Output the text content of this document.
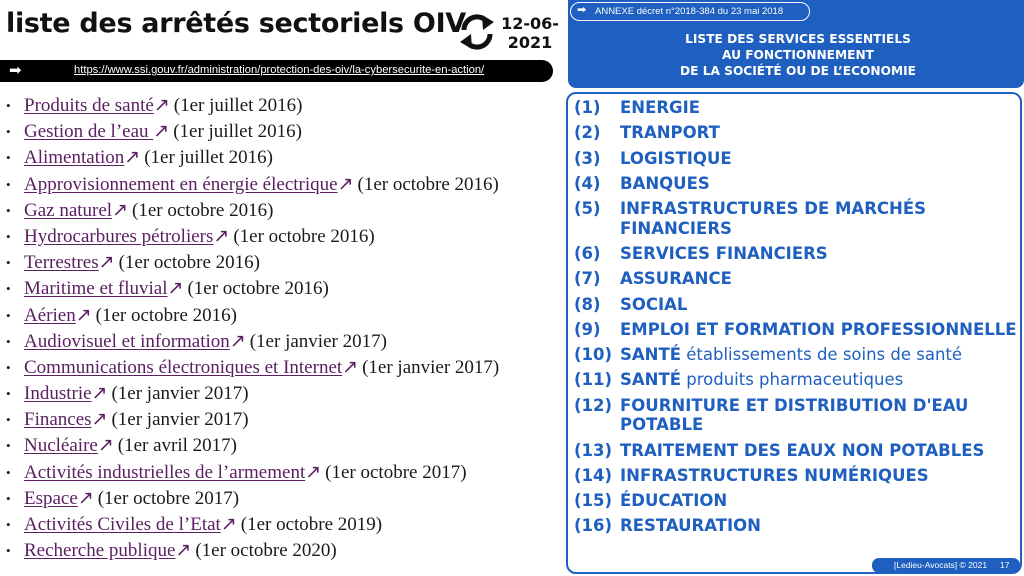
liste des arrêtés sectoriels OIV 12-06-
2021
➡	https://www.ssi.gouv.fr/administration/protection-des-oiv/la-cybersecurite-en-action/
• Produits de santé↗ (1er juillet 2016)
• Gestion de l’eau ↗ (1er juillet 2016)
• Alimentation↗ (1er juillet 2016)
• Approvisionnement en énergie électrique↗ (1er octobre 2016)
• Gaz naturel↗ (1er octobre 2016)
• Hydrocarbures pétroliers↗ (1er octobre 2016)
• Terrestres↗ (1er octobre 2016)
• Maritime et fluvial↗ (1er octobre 2016)
• Aérien↗ (1er octobre 2016)
• Audiovisuel et information↗ (1er janvier 2017)
• Communications électroniques et Internet↗ (1er janvier 2017)
• Industrie↗ (1er janvier 2017)
• Finances↗ (1er janvier 2017)
• Nucléaire↗ (1er avril 2017)
• Activités industrielles de l’armement↗ (1er octobre 2017)
• Espace↗ (1er octobre 2017)
• Activités Civiles de l’Etat↗ (1er octobre 2019)
• Recherche publique↗ (1er octobre 2020)
➡ ANNEXE décret n°2018-384 du 23 mai 2018
LISTE DES SERVICES ESSENTIELS
AU FONCTIONNEMENT
DE LA SOCIÉTÉ OU DE L’ECONOMIE
(1)	ENERGIE
(2)	TRANPORT
(3)	LOGISTIQUE
(4)	BANQUES
(5)	INFRASTRUCTURES DE MARCHÉS FINANCIERS
(6)	SERVICES FINANCIERS
(7)	ASSURANCE
(8)	SOCIAL
(9)	EMPLOI ET FORMATION PROFESSIONNELLE
(10) SANTÉ établissements de soins de santé
(11) SANTÉ produits pharmaceutiques
(12) FOURNITURE ET DISTRIBUTION D'EAU POTABLE
(13) TRAITEMENT DES EAUX NON POTABLES
(14) INFRASTRUCTURES NUMÉRIQUES
(15) ÉDUCATION
(16) RESTAURATION
[Ledieu-Avocats] © 2021 17
